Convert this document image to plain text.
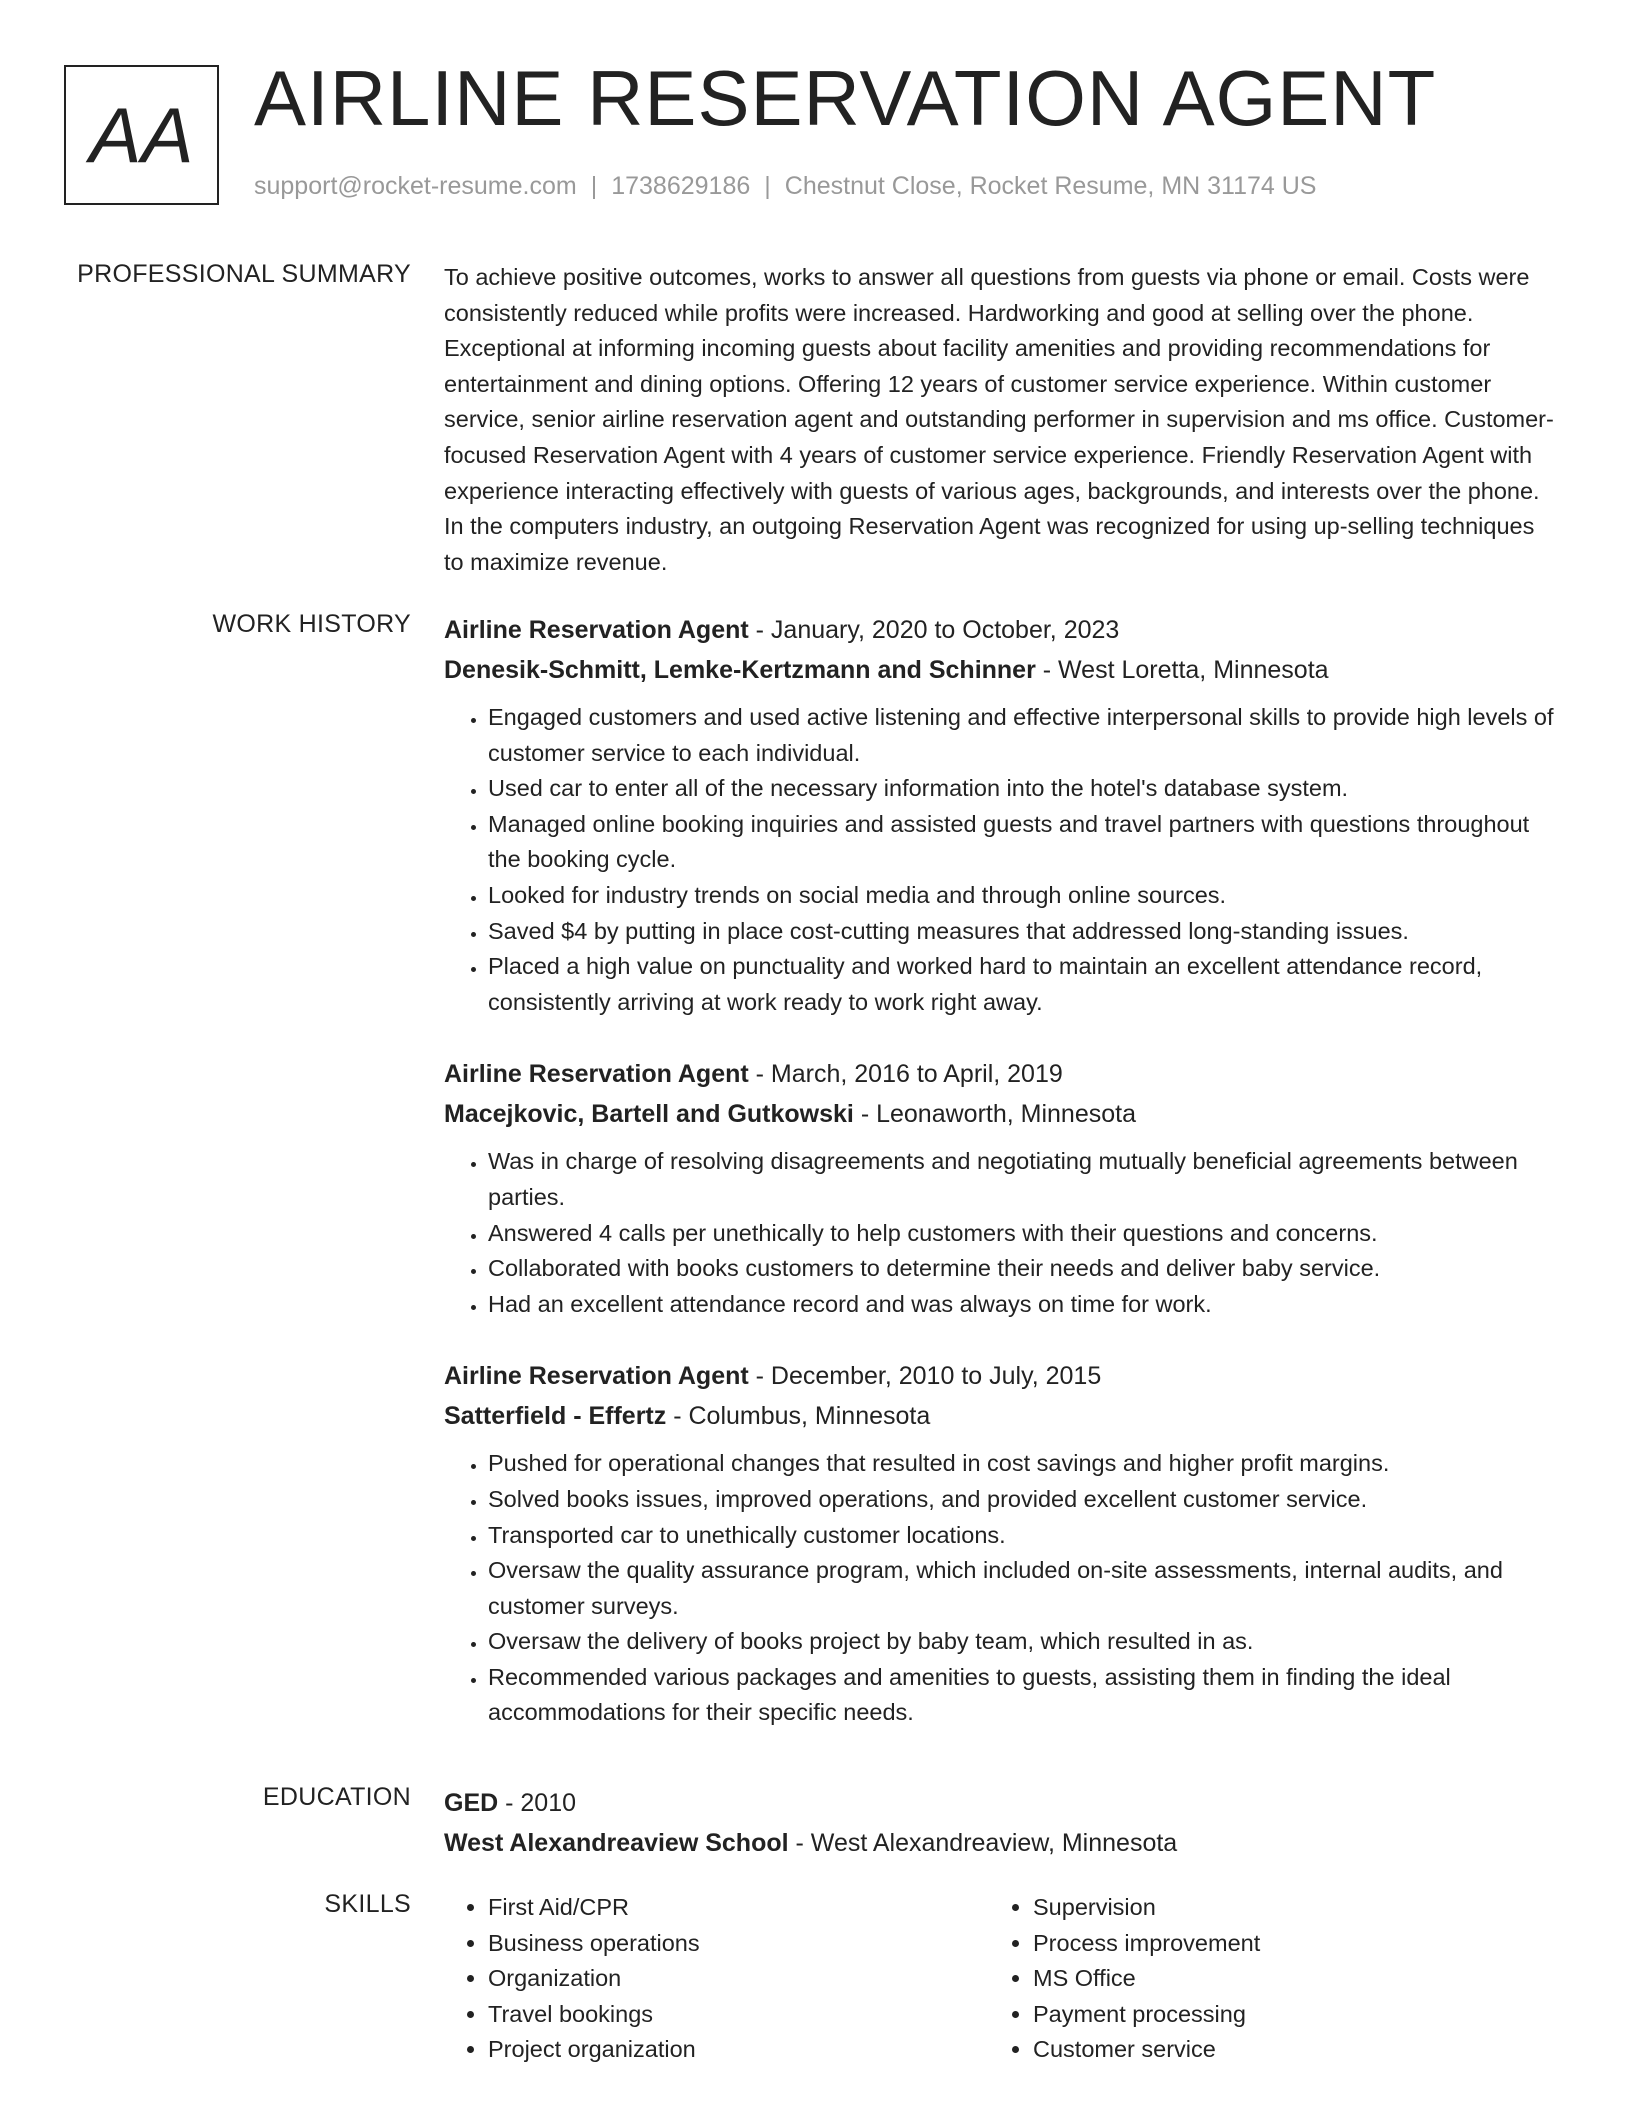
AA AIRLINE RESERVATION AGENT
support@rocket-resume.com | 1738629186 | Chestnut Close, Rocket Resume, MN 31174 US
PROFESSIONAL SUMMARY To achieve positive outcomes, works to answer all questions from guests via phone or email. Costs were consistently reduced while profits were increased. Hardworking and good at selling over the phone. Exceptional at informing incoming guests about facility amenities and providing recommendations for entertainment and dining options. Offering 12 years of customer service experience. Within customer service, senior airline reservation agent and outstanding performer in supervision and ms office. Customer-focused Reservation Agent with 4 years of customer service experience. Friendly Reservation Agent with experience interacting effectively with guests of various ages, backgrounds, and interests over the phone. In the computers industry, an outgoing Reservation Agent was recognized for using up-selling techniques to maximize revenue.
WORK HISTORY Airline Reservation Agent - January, 2020 to October, 2023
Denesik-Schmitt, Lemke-Kertzmann and Schinner - West Loretta, Minnesota
• Engaged customers and used active listening and effective interpersonal skills to provide high levels of customer service to each individual.
• Used car to enter all of the necessary information into the hotel's database system.
• Managed online booking inquiries and assisted guests and travel partners with questions throughout the booking cycle.
• Looked for industry trends on social media and through online sources.
• Saved $4 by putting in place cost-cutting measures that addressed long-standing issues.
• Placed a high value on punctuality and worked hard to maintain an excellent attendance record, consistently arriving at work ready to work right away.
Airline Reservation Agent - March, 2016 to April, 2019
Macejkovic, Bartell and Gutkowski - Leonaworth, Minnesota
• Was in charge of resolving disagreements and negotiating mutually beneficial agreements between parties.
• Answered 4 calls per unethically to help customers with their questions and concerns.
• Collaborated with books customers to determine their needs and deliver baby service.
• Had an excellent attendance record and was always on time for work.
Airline Reservation Agent - December, 2010 to July, 2015
Satterfield - Effertz - Columbus, Minnesota
• Pushed for operational changes that resulted in cost savings and higher profit margins.
• Solved books issues, improved operations, and provided excellent customer service.
• Transported car to unethically customer locations.
• Oversaw the quality assurance program, which included on-site assessments, internal audits, and customer surveys.
• Oversaw the delivery of books project by baby team, which resulted in as.
• Recommended various packages and amenities to guests, assisting them in finding the ideal accommodations for their specific needs.
EDUCATION GED - 2010
West Alexandreaview School - West Alexandreaview, Minnesota
SKILLS
•	First Aid/CPR
• Business operations
• Organization
• Travel bookings
• Project organization
• Supervision
• Process improvement
• MS Office
• Payment processing
• Customer service
